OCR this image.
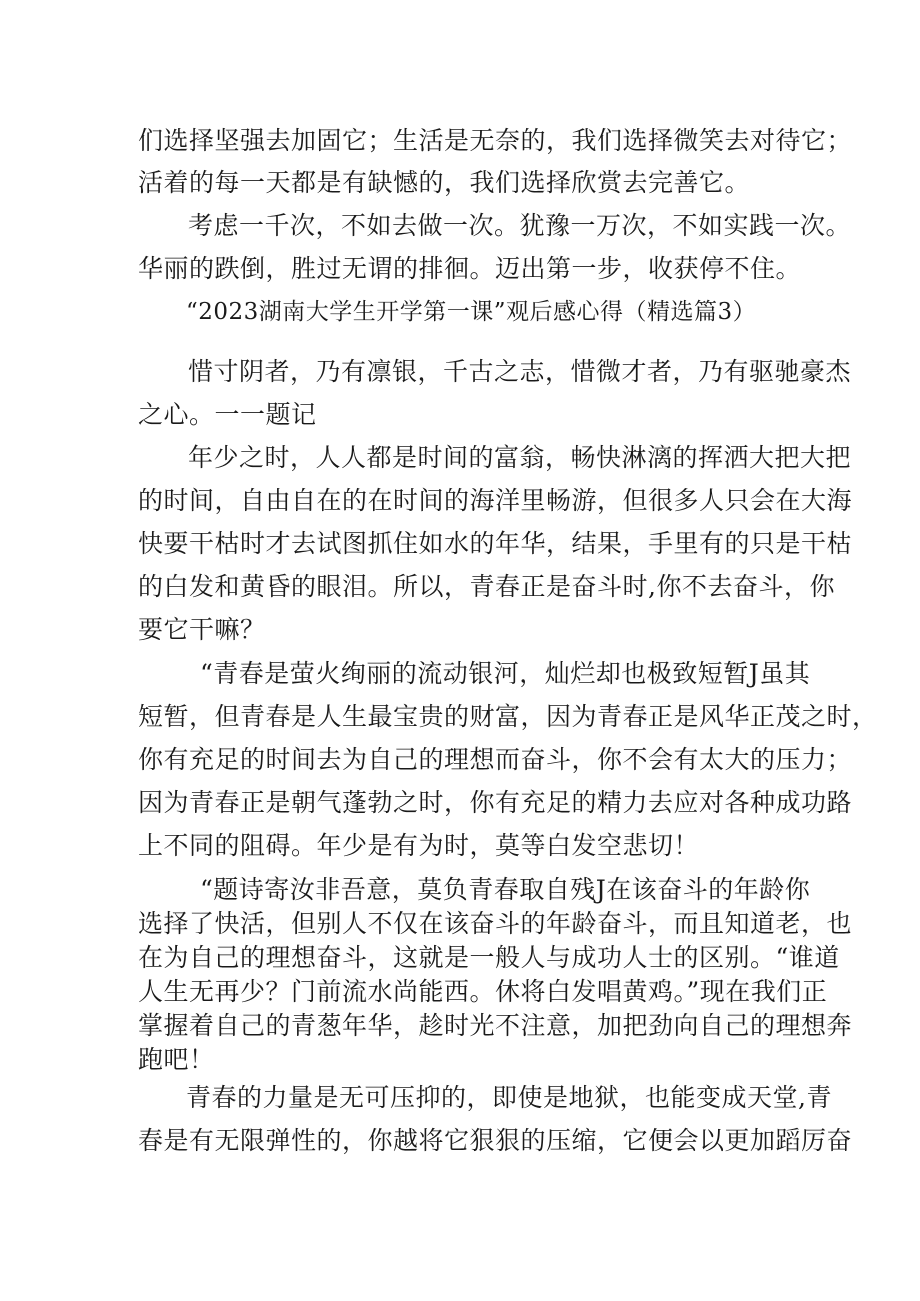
们选择坚强去加固它；生活是无奈的，我们选择微笑去对待它；
活着的每一天都是有缺憾的，我们选择欣赏去完善它。
考虑一千次，不如去做一次。犹豫一万次，不如实践一次。
华丽的跌倒，胜过无谓的排徊。迈出第一步，收获停不住。
“2023湖南大学生开学第一课”观后感心得（精选篇3）
惜寸阴者，乃有凛银，千古之志，惜微才者，乃有驱驰豪杰
之心。一一题记
年少之时，人人都是时间的富翁，畅快淋漓的挥洒大把大把
的时间，自由自在的在时间的海洋里畅游，但很多人只会在大海
快要干枯时才去试图抓住如水的年华，结果，手里有的只是干枯
的白发和黄昏的眼泪。所以，青春正是奋斗时,你不去奋斗，你
要它干嘛？
“青春是萤火绚丽的流动银河，灿烂却也极致短暂J虽其
短暂，但青春是人生最宝贵的财富，因为青春正是风华正茂之时，
你有充足的时间去为自己的理想而奋斗，你不会有太大的压力；
因为青春正是朝气蓬勃之时，你有充足的精力去应对各种成功路
上不同的阻碍。年少是有为时，莫等白发空悲切！
“题诗寄汝非吾意，莫负青春取自残J在该奋斗的年龄你
选择了快活，但别人不仅在该奋斗的年龄奋斗，而且知道老，也
在为自己的理想奋斗，这就是一般人与成功人士的区别。“谁道
人生无再少？门前流水尚能西。休将白发唱黄鸡。”现在我们正
掌握着自己的青葱年华，趁时光不注意，加把劲向自己的理想奔
跑吧！
青春的力量是无可压抑的，即使是地狱，也能变成天堂,青
春是有无限弹性的，你越将它狠狠的压缩，它便会以更加蹈厉奋
